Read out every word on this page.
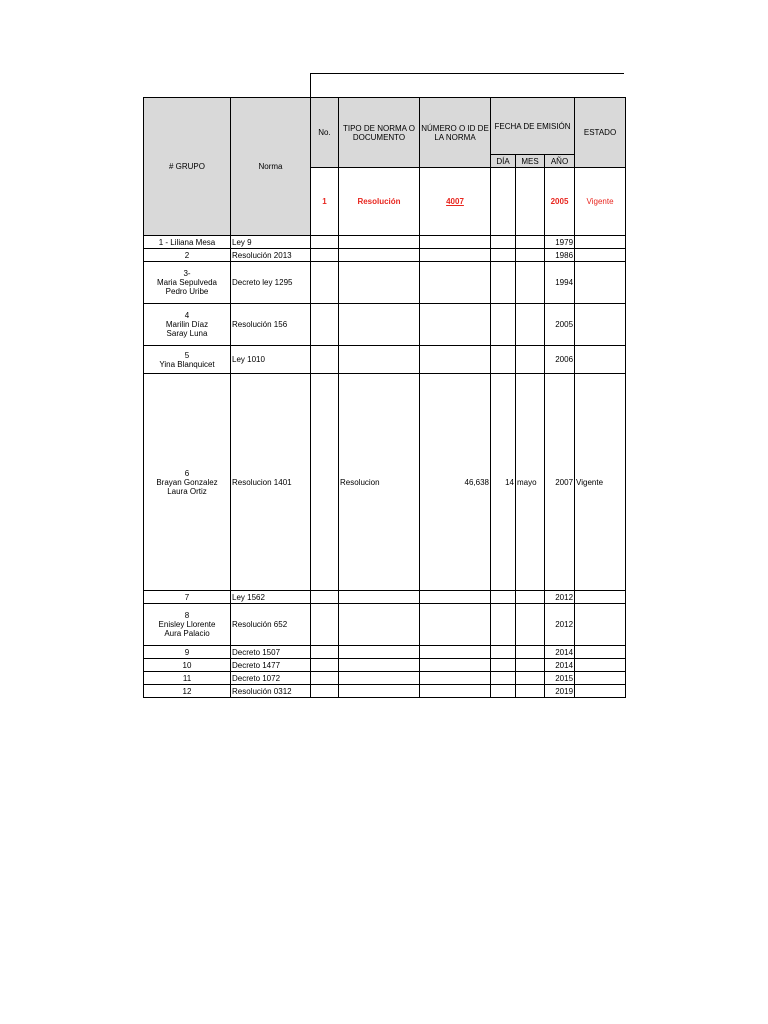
# GRUPO	Norma	No.	TIPO DE NORMA O DOCUMENTO	NÚMERO O ID DE LA NORMA	FECHA DE EMISIÓN			ESTADO
					DÍA	MES	AÑO	
		1	Resolución	4007			2005	Vigente

1 - Liliana Mesa	Ley 9						1979	

2	Resolución 2013						1986	

3-
Maria Sepulveda
Pedro Uribe	Decreto ley 1295						1994	

4
Marilin Díaz
Saray Luna	Resolución 156						2005	

5
Yina Blanquicet	Ley 1010						2006	

6
Brayan Gonzalez
Laura Ortiz	Resolucion 1401		Resolucion	46,638	14	mayo	2007	Vigente

7	Ley 1562						2012	

8
Enisley Llorente
Aura Palacio	Resolución 652						2012	

9	Decreto 1507						2014	

10	Decreto 1477						2014	

11	Decreto 1072						2015	

12	Resolución 0312						2019	
